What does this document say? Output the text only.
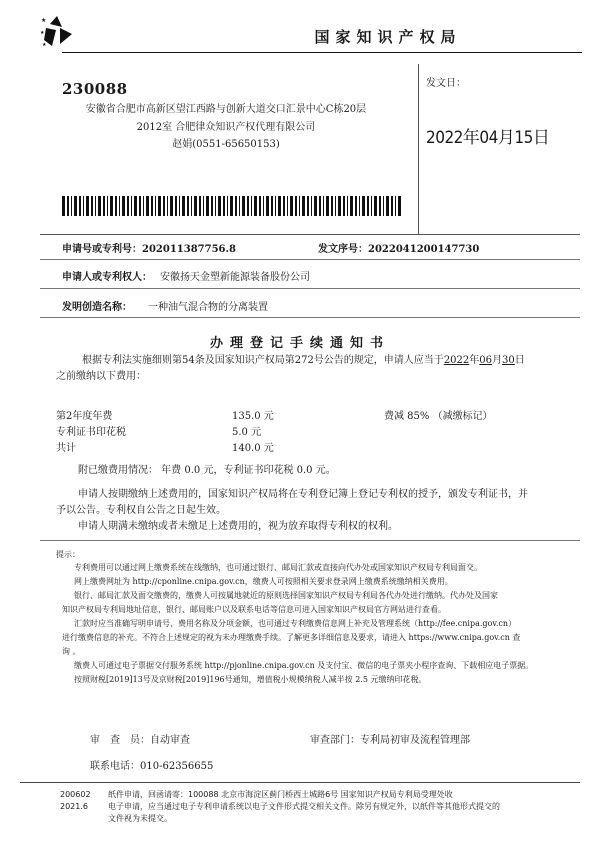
★
★
★	国家知识产权局
230088
安徽省合肥市高新区望江西路与创新大道交口汇景中心C栋20层
2012室 合肥律众知识产权代理有限公司
赵娟(0551-65650153)
发文日：
2022年04月15日
申请号或专利号：202011387756.8	发文序号：2022041200147730
申请人或专利权人： 安徽扬天金塑新能源装备股份公司
发明创造名称： 一种油气混合物的分离装置
办理登记手续通知书
根据专利法实施细则第54条及国家知识产权局第272号公告的规定，申请人应当于2022年06月30日
之前缴纳以下费用：
第2年度年费	135.0 元	费减 85% （减缴标记）
专利证书印花税	5.0 元
共计	140.0 元
附已缴费用情况： 年费 0.0 元，专利证书印花税 0.0 元。
申请人按期缴纳上述费用的，国家知识产权局将在专利登记簿上登记专利权的授予，颁发专利证书，并
予以公告。专利权自公告之日起生效。
申请人期满未缴纳或者未缴足上述费用的，视为放弃取得专利权的权利。
提示：
专利费用可以通过网上缴费系统在线缴纳，也可通过银行、邮局汇款或直接向代办处或国家知识产权局专利局面交。
网上缴费网址为 http://cponline.cnipa.gov.cn，缴费人可按照相关要求登录网上缴费系统缴纳相关费用。
银行、邮局汇款及面交缴费的，缴费人可按属地就近的原则选择国家知识产权局专利局各代办处进行缴纳。代办处及国家
知识产权局专利局地址信息，银行、邮局账户以及联系电话等信息可进入国家知识产权局官方网站进行查看。
汇款时应当准确写明申请号、费用名称及分项金额，也可通过专利缴费信息网上补充及管理系统（http://fee.cnipa.gov.cn）
进行缴费信息的补充。不符合上述规定的视为未办理缴费手续。了解更多详细信息及要求，请进入 https://www.cnipa.gov.cn 查
询 。
缴费人可通过电子票据交付服务系统 http://pjonline.cnipa.gov.cn 及支付宝、微信的电子票夹小程序查询、下载相应电子票据。
按照财税[2019]13号及京财税[2019]196号通知，增值税小规模纳税人减半按 2.5 元缴纳印花税。
审　查　员：自动审查	审查部门：专利局初审及流程管理部
联系电话：010-62356655
200602
2021.6
纸件申请，回函请寄：100088 北京市海淀区蓟门桥西土城路6号 国家知识产权局专利局受理处收
电子申请，应当通过电子专利申请系统以电子文件形式提交相关文件。除另有规定外，以纸件等其他形式提交的
文件视为未提交。
